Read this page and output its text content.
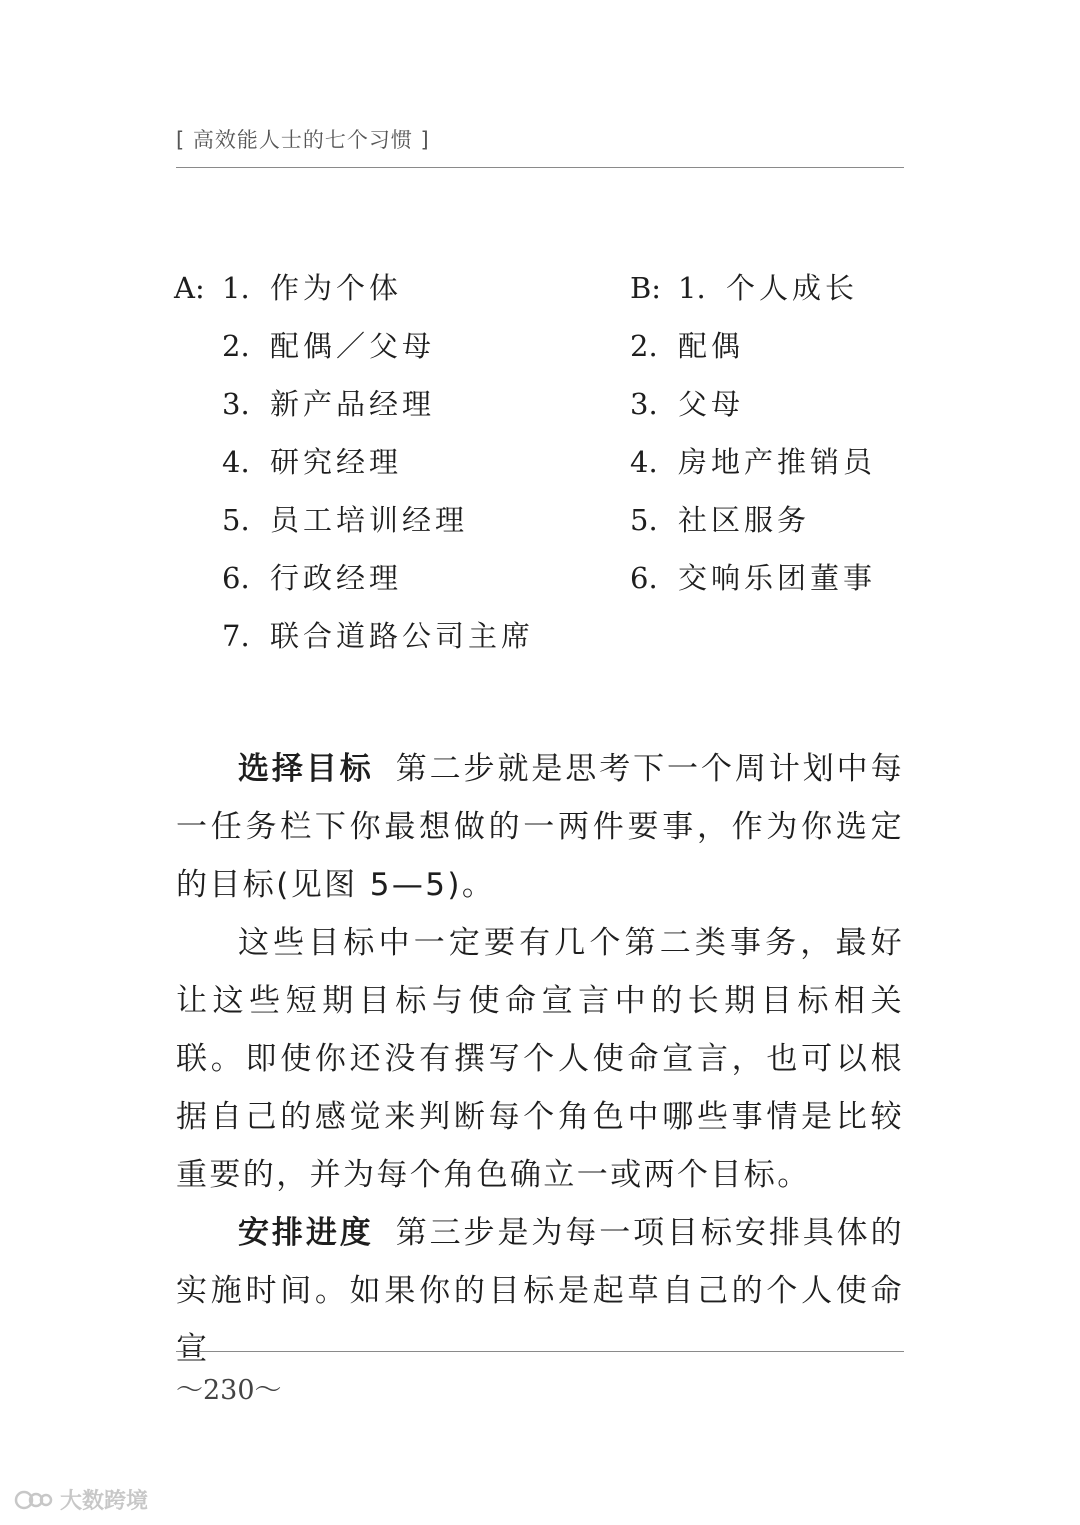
[ 高效能人士的七个习惯 ]
A: 1. 作为个体
2. 配偶／父母
3. 新产品经理
4. 研究经理
5. 员工培训经理
6. 行政经理
7. 联合道路公司主席
B: 1. 个人成长
2. 配偶
3. 父母
4. 房地产推销员
5. 社区服务
6. 交响乐团董事

选择目标 第二步就是思考下一个周计划中每一任务栏下你最想做的一两件要事，作为你选定的目标(见图 5—5)。

这些目标中一定要有几个第二类事务，最好让这些短期目标与使命宣言中的长期目标相关联。即使你还没有撰写个人使命宣言，也可以根据自己的感觉来判断每个角色中哪些事情是比较重要的，并为每个角色确立一或两个目标。

安排进度 第三步是为每一项目标安排具体的实施时间。如果你的目标是起草自己的个人使命宣

～230～
大数跨境
